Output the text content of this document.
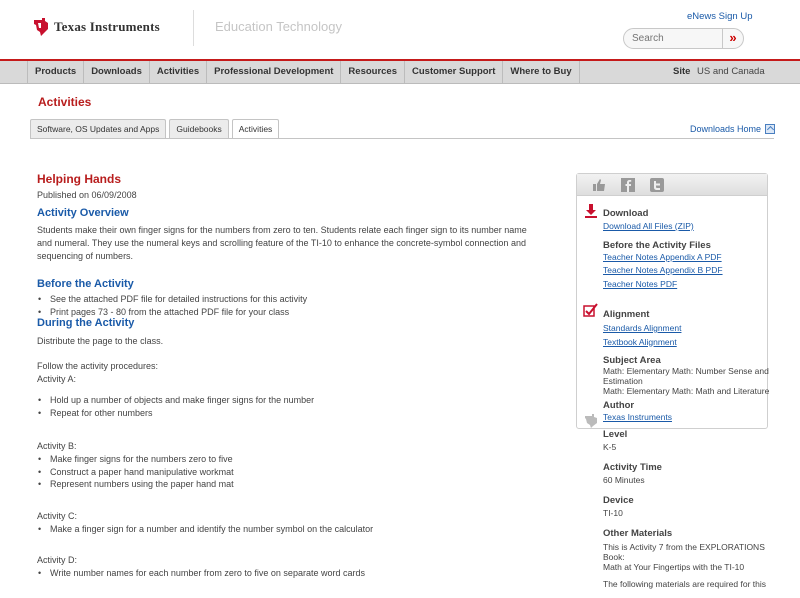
Texas Instruments	Education Technology
eNews Sign Up
Search
»
Products	Downloads	Activities	Professional Development	Resources	Customer Support	Where to Buy	Site US and Canada
Activities
Software, OS Updates and Apps	Guidebooks	Activities	Downloads Home
Helping Hands
Published on 06/09/2008
Activity Overview
Students make their own finger signs for the numbers from zero to ten. Students relate each finger sign to its number name and numeral. They use the numeral keys and scrolling feature of the TI-10 to enhance the concrete-symbol connection and sequencing of numbers.
Before the Activity
• See the attached PDF file for detailed instructions for this activity
• Print pages 73 - 80 from the attached PDF file for your class
During the Activity
Distribute the page to the class.
Follow the activity procedures:
Activity A:
• Hold up a number of objects and make finger signs for the number
• Repeat for other numbers
Activity B:
• Make finger signs for the numbers zero to five
• Construct a paper hand manipulative workmat
• Represent numbers using the paper hand mat
Activity C:
• Make a finger sign for a number and identify the number symbol on the calculator
Activity D:
• Write number names for each number from zero to five on separate word cards
Download
Download All Files (ZIP)
Before the Activity Files
Teacher Notes Appendix A PDF
Teacher Notes Appendix B PDF
Teacher Notes PDF
Alignment
Standards Alignment
Textbook Alignment
Subject Area
Math: Elementary Math: Number Sense and
Estimation
Math: Elementary Math: Math and Literature
Author
Texas Instruments
Level
K-5
Activity Time
60 Minutes
Device
TI-10
Other Materials
This is Activity 7 from the EXPLORATIONS
Book:
Math at Your Fingertips with the TI-10
The following materials are required for this
